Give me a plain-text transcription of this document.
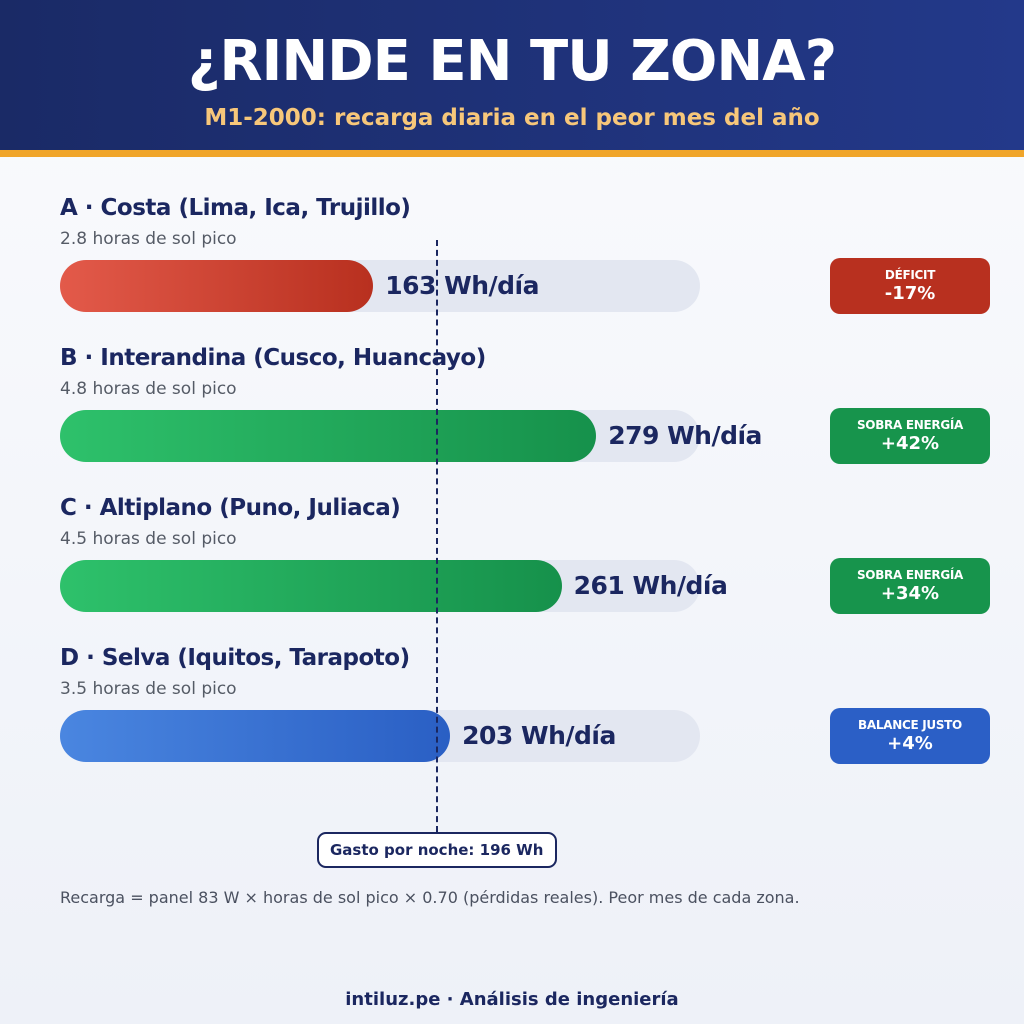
¿RINDE EN TU ZONA?
M1-2000: recarga diaria en el peor mes del año
A · Costa (Lima, Ica, Trujillo)
2.8 horas de sol pico
163 Wh/día	DÉFICIT
-17%
B · Interandina (Cusco, Huancayo)
4.8 horas de sol pico
279 Wh/día	SOBRA ENERGÍA
+42%
C · Altiplano (Puno, Juliaca)
4.5 horas de sol pico
261 Wh/día	SOBRA ENERGÍA
+34%
D · Selva (Iquitos, Tarapoto)
3.5 horas de sol pico
203 Wh/día	BALANCE JUSTO
+4%
Gasto por noche: 196 Wh
Recarga = panel 83 W × horas de sol pico × 0.70 (pérdidas reales). Peor mes de cada zona.
intiluz.pe · Análisis de ingeniería
